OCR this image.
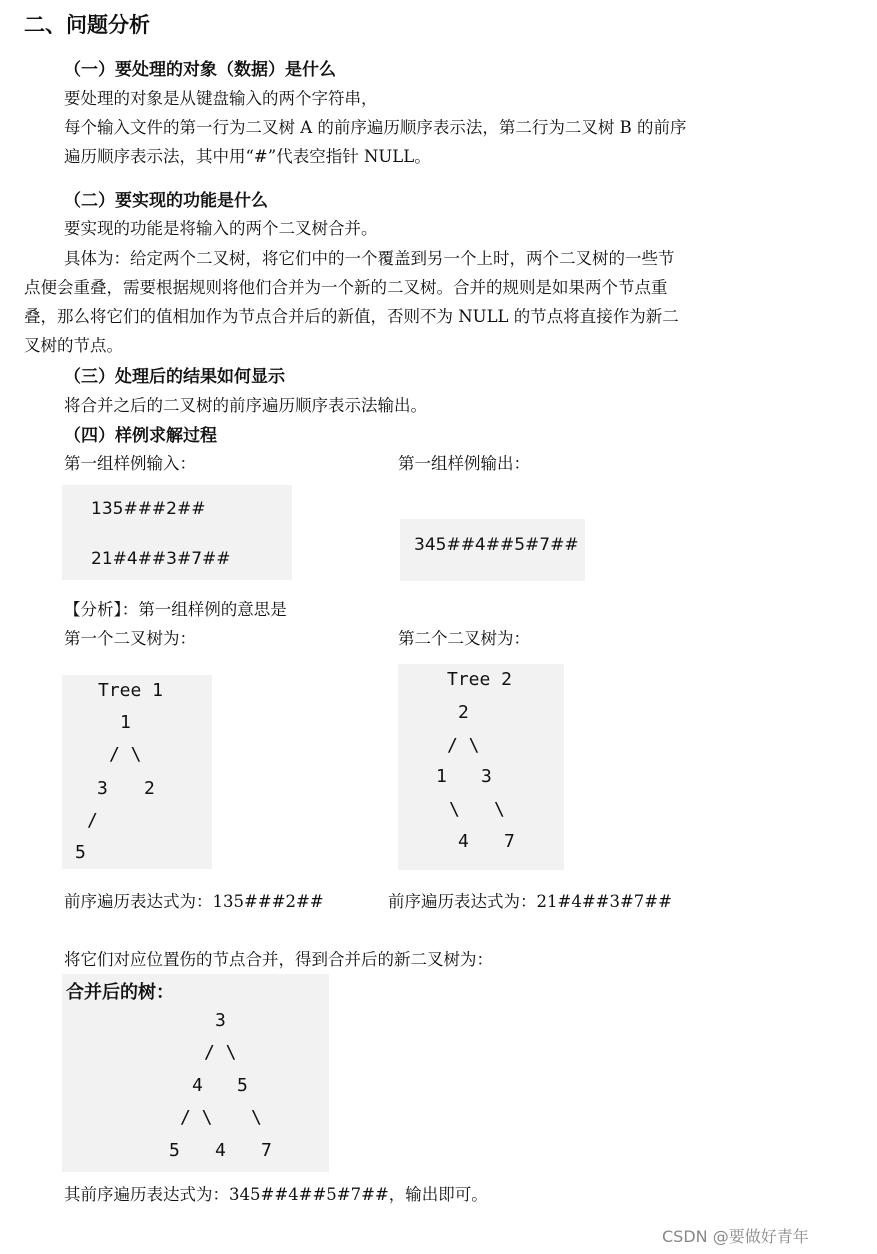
二、问题分析
（一）要处理的对象（数据）是什么
要处理的对象是从键盘输入的两个字符串，
每个输入文件的第一行为二叉树 A 的前序遍历顺序表示法，第二行为二叉树 B 的前序
遍历顺序表示法，其中用“#”代表空指针 NULL。
（二）要实现的功能是什么
要实现的功能是将输入的两个二叉树合并。
具体为：给定两个二叉树，将它们中的一个覆盖到另一个上时，两个二叉树的一些节
点便会重叠，需要根据规则将他们合并为一个新的二叉树。合并的规则是如果两个节点重
叠，那么将它们的值相加作为节点合并后的新值，否则不为 NULL 的节点将直接作为新二
叉树的节点。
（三）处理后的结果如何显示
将合并之后的二叉树的前序遍历顺序表示法输出。
（四）样例求解过程
第一组样例输入：	第一组样例输出：
135###2##
21#4##3#7##
345##4##5#7##
【分析】：第一组样例的意思是
第一个二叉树为：	第二个二叉树为：
Tree 1
1
/ \
3 2
/
5
Tree 2
2
/ \
1 3
\ \
4 7
前序遍历表达式为：135###2##	前序遍历表达式为：21#4##3#7##
将它们对应位置伤的节点合并，得到合并后的新二叉树为：
合并后的树：
3
/ \
4 5
/ \ \
5 4 7
其前序遍历表达式为：345##4##5#7##，输出即可。
CSDN @要做好青年
